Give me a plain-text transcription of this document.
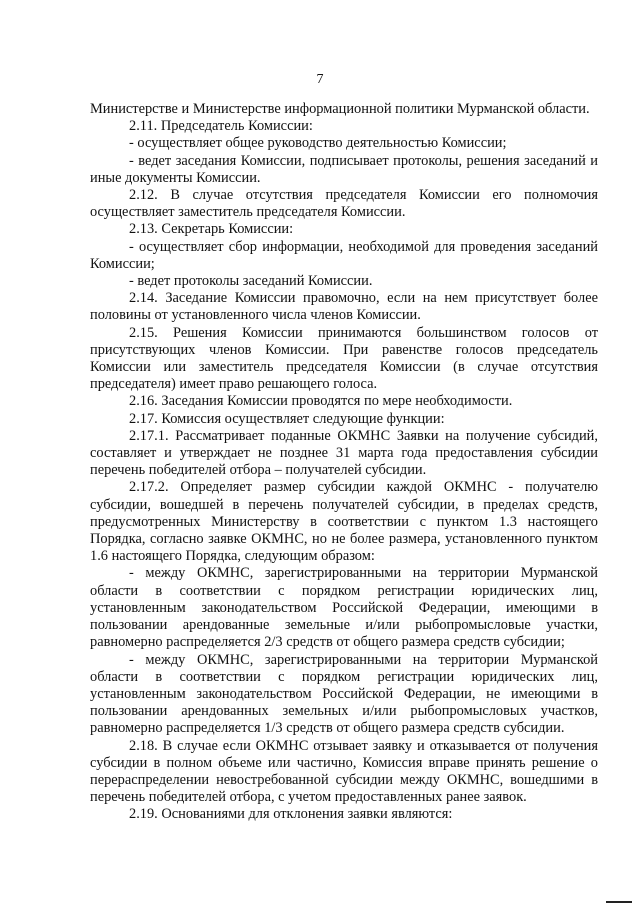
7

Министерстве и Министерстве информационной политики Мурманской области.

2.11. Председатель Комиссии:

- осуществляет общее руководство деятельностью Комиссии;

- ведет заседания Комиссии, подписывает протоколы, решения заседаний и иные документы Комиссии.

2.12. В случае отсутствия председателя Комиссии его полномочия осуществляет заместитель председателя Комиссии.

2.13. Секретарь Комиссии:

- осуществляет сбор информации, необходимой для проведения заседаний Комиссии;

- ведет протоколы заседаний Комиссии.

2.14. Заседание Комиссии правомочно, если на нем присутствует более половины от установленного числа членов Комиссии.

2.15. Решения Комиссии принимаются большинством голосов от присутствующих членов Комиссии. При равенстве голосов председатель Комиссии или заместитель председателя Комиссии (в случае отсутствия председателя) имеет право решающего голоса.

2.16. Заседания Комиссии проводятся по мере необходимости.

2.17. Комиссия осуществляет следующие функции:

2.17.1. Рассматривает поданные ОКМНС Заявки на получение субсидий, составляет и утверждает не позднее 31 марта года предоставления субсидии перечень победителей отбора – получателей субсидии.

2.17.2. Определяет размер субсидии каждой ОКМНС - получателю субсидии, вошедшей в перечень получателей субсидии, в пределах средств, предусмотренных Министерству в соответствии с пунктом 1.3 настоящего Порядка, согласно заявке ОКМНС, но не более размера, установленного пунктом 1.6 настоящего Порядка, следующим образом:

- между ОКМНС, зарегистрированными на территории Мурманской области в соответствии с порядком регистрации юридических лиц, установленным законодательством Российской Федерации, имеющими в пользовании арендованные земельные и/или рыбопромысловые участки, равномерно распределяется 2/3 средств от общего размера средств субсидии;

- между ОКМНС, зарегистрированными на территории Мурманской области в соответствии с порядком регистрации юридических лиц, установленным законодательством Российской Федерации, не имеющими в пользовании арендованных земельных и/или рыбопромысловых участков, равномерно распределяется 1/3 средств от общего размера средств субсидии.

2.18. В случае если ОКМНС отзывает заявку и отказывается от получения субсидии в полном объеме или частично, Комиссия вправе принять решение о перераспределении невостребованной субсидии между ОКМНС, вошедшими в перечень победителей отбора, с учетом предоставленных ранее заявок.

2.19. Основаниями для отклонения заявки являются:
